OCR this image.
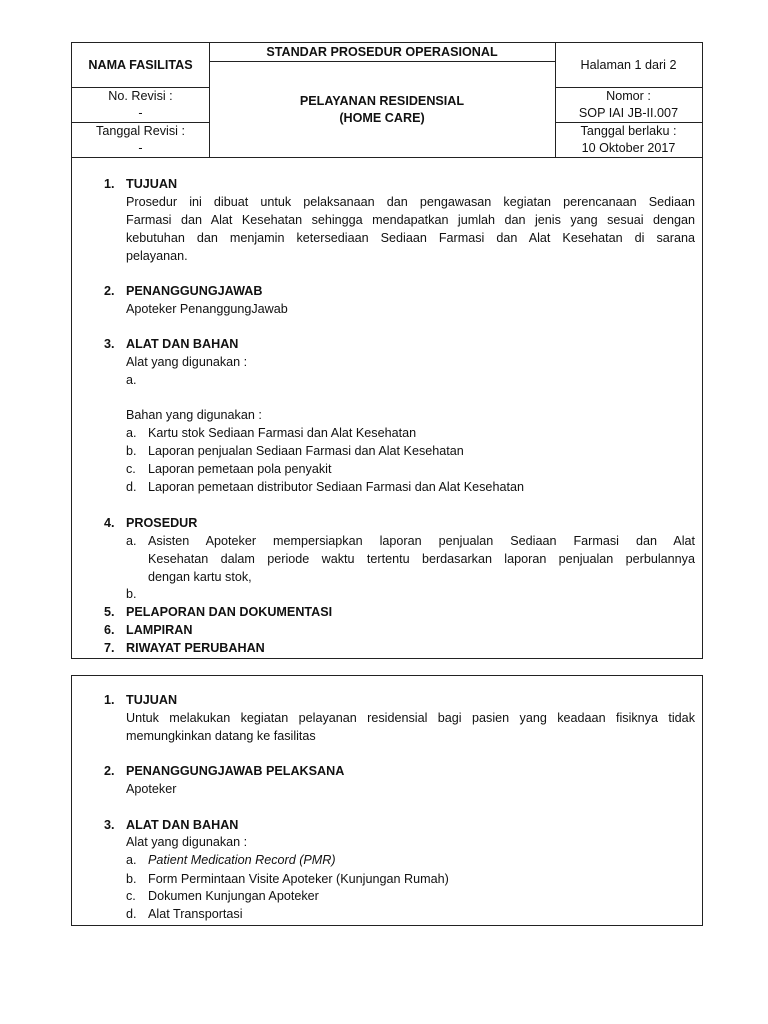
NAMA FASILITAS
STANDAR PROSEDUR OPERASIONAL
Halaman 1 dari 2
No. Revisi :
-
Tanggal Revisi :
-
PELAYANAN RESIDENSIAL
(HOME CARE)
Nomor :
SOP IAI JB-II.007
Tanggal berlaku :
10 Oktober 2017
1. TUJUAN
Prosedur ini dibuat untuk pelaksanaan dan pengawasan kegiatan perencanaan Sediaan
Farmasi dan Alat Kesehatan sehingga mendapatkan jumlah dan jenis yang sesuai dengan
kebutuhan dan menjamin ketersediaan Sediaan Farmasi dan Alat Kesehatan di sarana
pelayanan.
2. PENANGGUNGJAWAB
Apoteker PenanggungJawab
3. ALAT DAN BAHAN
Alat yang digunakan :
a.
Bahan yang digunakan :
a. Kartu stok Sediaan Farmasi dan Alat Kesehatan
b. Laporan penjualan Sediaan Farmasi dan Alat Kesehatan
c. Laporan pemetaan pola penyakit
d. Laporan pemetaan distributor Sediaan Farmasi dan Alat Kesehatan
4. PROSEDUR
a. Asisten Apoteker mempersiapkan laporan penjualan Sediaan Farmasi dan Alat
Kesehatan dalam periode waktu tertentu berdasarkan laporan penjualan perbulannya
dengan kartu stok,
b.
5. PELAPORAN DAN DOKUMENTASI
6. LAMPIRAN
7. RIWAYAT PERUBAHAN
1. TUJUAN
Untuk melakukan kegiatan pelayanan residensial bagi pasien yang keadaan fisiknya tidak
memungkinkan datang ke fasilitas
2. PENANGGUNGJAWAB PELAKSANA
Apoteker
3. ALAT DAN BAHAN
Alat yang digunakan :
a. Patient Medication Record (PMR)
b. Form Permintaan Visite Apoteker (Kunjungan Rumah)
c. Dokumen Kunjungan Apoteker
d. Alat Transportasi
